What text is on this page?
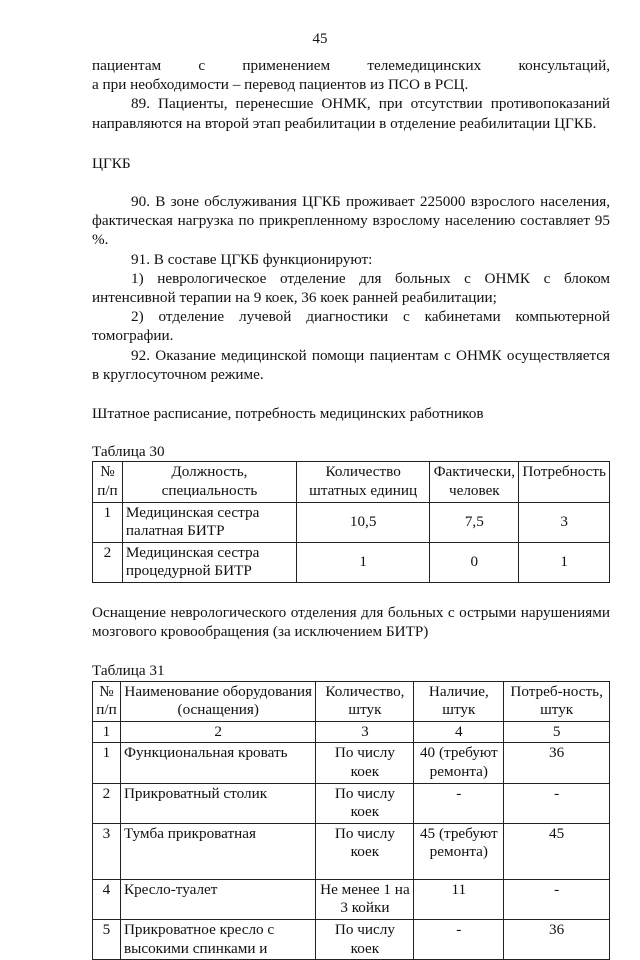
45

пациентам с применением телемедицинских консультаций,

а при необходимости – перевод пациентов из ПСО в РСЦ.

89. Пациенты, перенесшие ОНМК, при отсутствии противопоказаний направляются на второй этап реабилитации в отделение реабилитации ЦГКБ.

ЦГКБ

90. В зоне обслуживания ЦГКБ проживает 225000 взрослого населения, фактическая нагрузка по прикрепленному взрослому населению составляет 95 %.

91. В составе ЦГКБ функционируют:

1) неврологическое отделение для больных с ОНМК с блоком интенсивной терапии на 9 коек, 36 коек ранней реабилитации;

2) отделение лучевой диагностики с кабинетами компьютерной томографии.

92. Оказание медицинской помощи пациентам с ОНМК осуществляется в круглосуточном режиме.

Штатное расписание, потребность медицинских работников

Таблица 30

№ п/п	Должность, специальность	Количество штатных единиц	Фактически, человек	Потребность
1	Медицинская сестра палатная БИТР	10,5	7,5	3
2	Медицинская сестра процедурной БИТР	1	0	1

Оснащение неврологического отделения для больных с острыми нарушениями мозгового кровообращения (за исключением БИТР)

Таблица 31

№ п/п	Наименование оборудования (оснащения)	Количество, штук	Наличие, штук	Потреб-ность, штук
1	2	3	4	5
1	Функциональная кровать	По числу коек	40 (требуют ремонта)	36
2	Прикроватный столик	По числу коек	-	-
3	Тумба прикроватная	По числу коек	45 (требуют ремонта)	45
4	Кресло-туалет	Не менее 1 на 3 койки	11	-
5	Прикроватное кресло с высокими спинками и	По числу коек	-	36
